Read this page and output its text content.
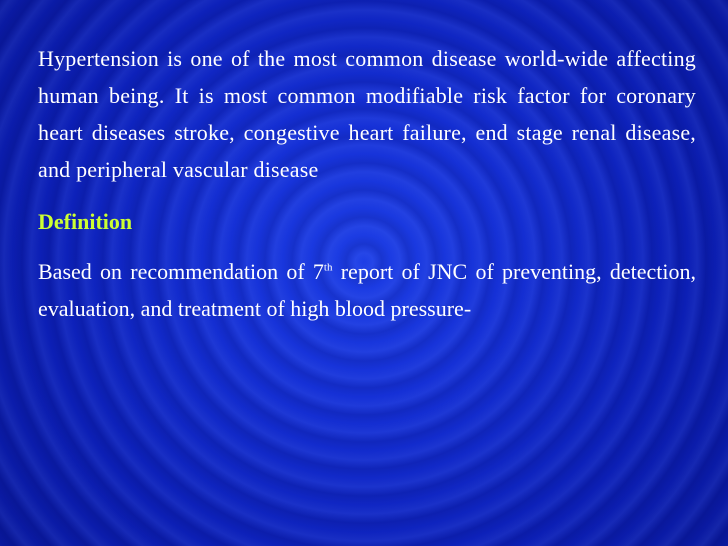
Hypertension is one of the most common disease world-wide affecting human being. It is most common modifiable risk factor for coronary heart diseases stroke, congestive heart failure, end stage renal disease, and peripheral vascular disease

Definition

Based on recommendation of 7th report of JNC of preventing, detection, evaluation, and treatment of high blood pressure-
